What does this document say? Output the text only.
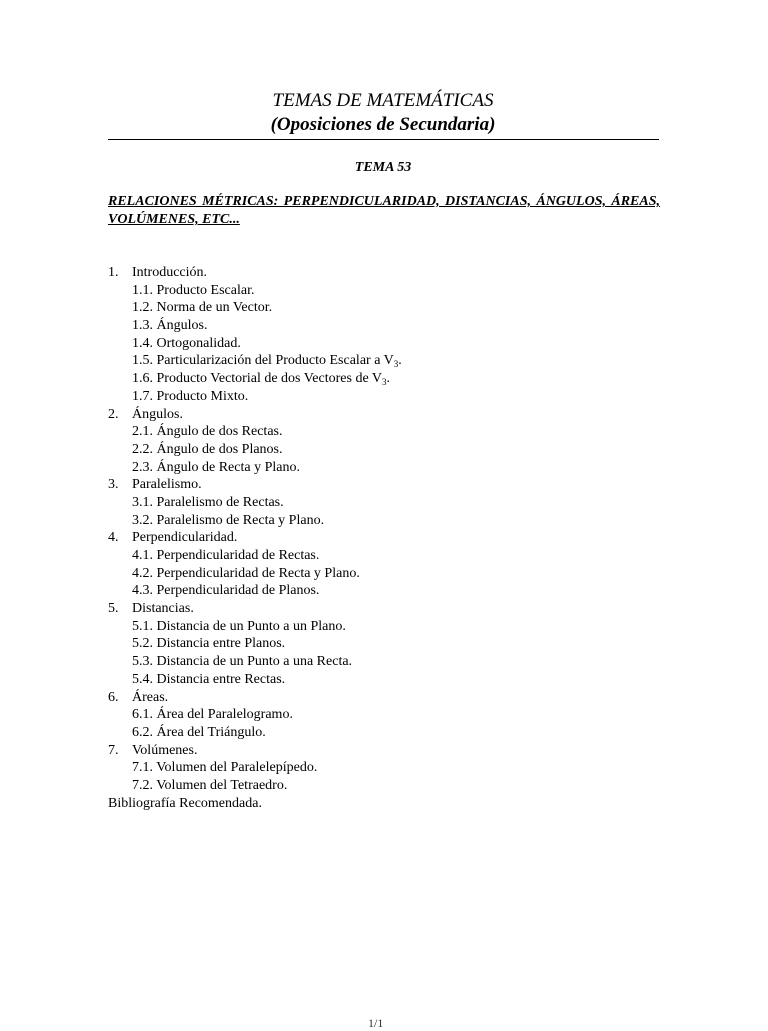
TEMAS DE MATEMÁTICAS
(Oposiciones de Secundaria)
TEMA 53
RELACIONES MÉTRICAS: PERPENDICULARIDAD, DISTANCIAS, ÁNGULOS, ÁREAS, VOLÚMENES, ETC...
1. Introducción.
1.1. Producto Escalar.
1.2. Norma de un Vector.
1.3. Ángulos.
1.4. Ortogonalidad.
1.5. Particularización del Producto Escalar a $V_3$.
1.6. Producto Vectorial de dos Vectores de $V_3$.
1.7. Producto Mixto.
2. Ángulos.
2.1. Ángulo de dos Rectas.
2.2. Ángulo de dos Planos.
2.3. Ángulo de Recta y Plano.
3. Paralelismo.
3.1. Paralelismo de Rectas.
3.2. Paralelismo de Recta y Plano.
4. Perpendicularidad.
4.1. Perpendicularidad de Rectas.
4.2. Perpendicularidad de Recta y Plano.
4.3. Perpendicularidad de Planos.
5. Distancias.
5.1. Distancia de un Punto a un Plano.
5.2. Distancia entre Planos.
5.3. Distancia de un Punto a una Recta.
5.4. Distancia entre Rectas.
6. Áreas.
6.1. Área del Paralelogramo.
6.2. Área del Triángulo.
7. Volúmenes.
7.1. Volumen del Paralelepípedo.
7.2. Volumen del Tetraedro.
Bibliografía Recomendada.
1/1
